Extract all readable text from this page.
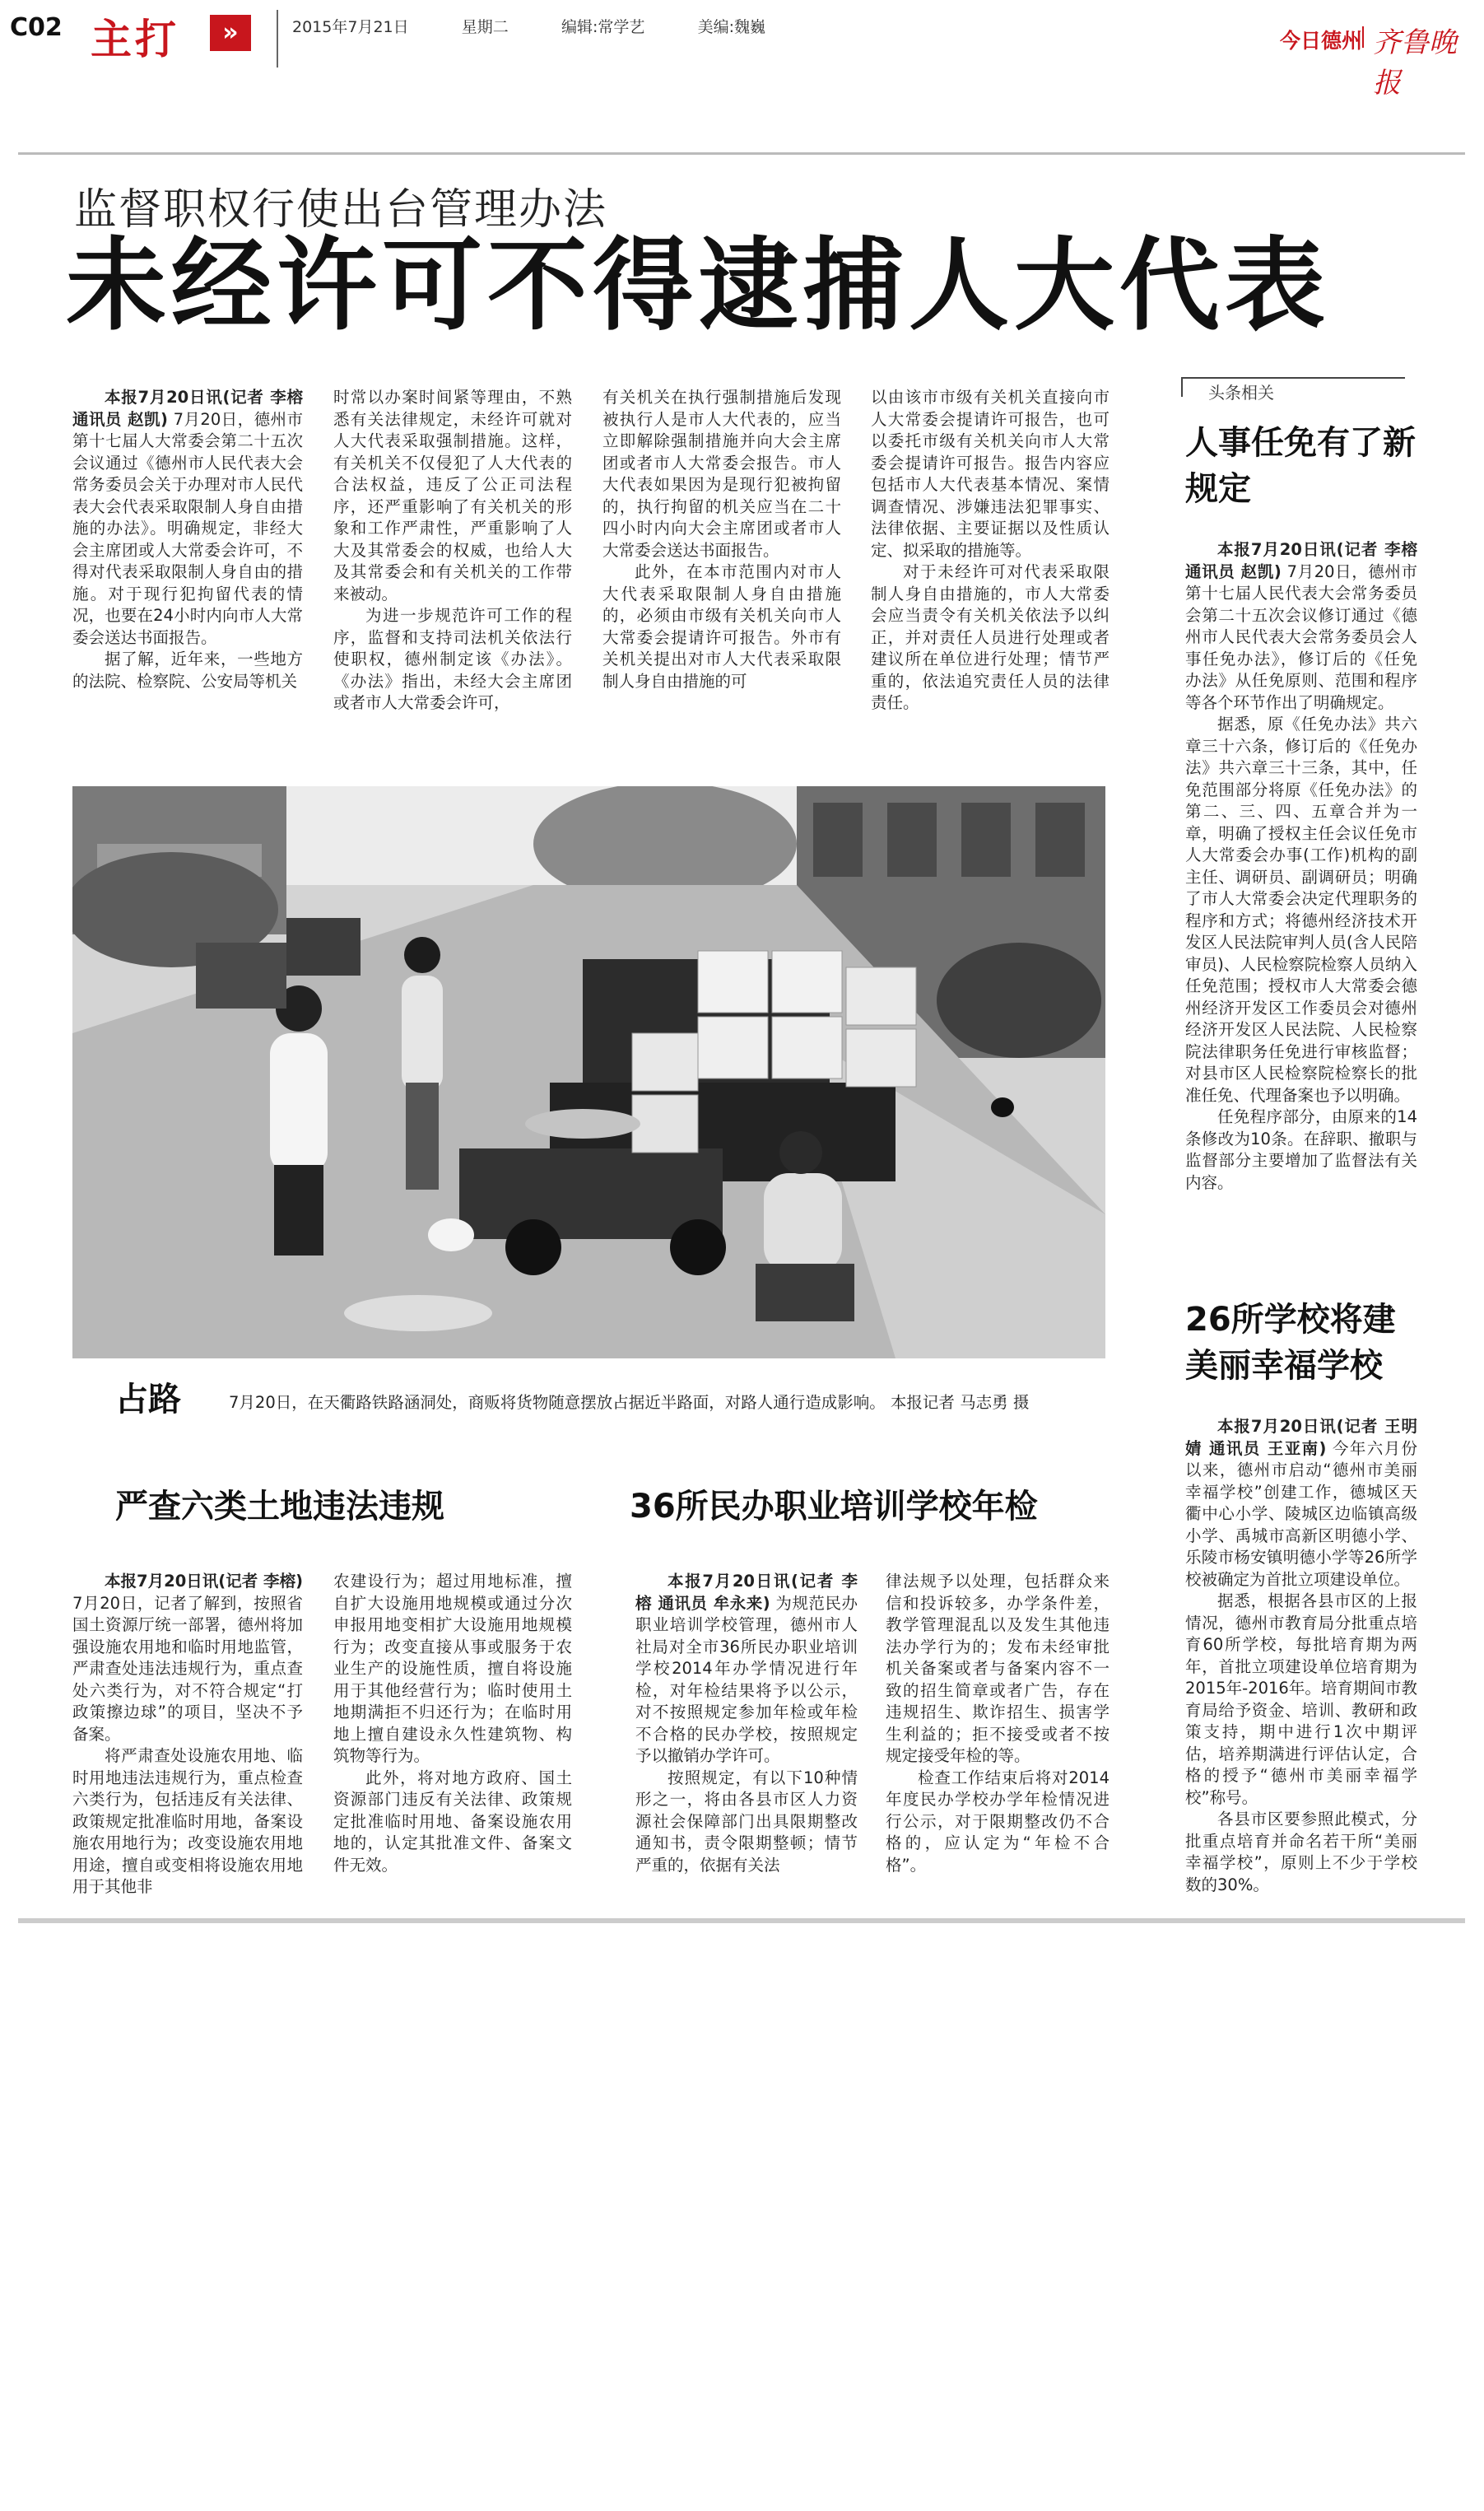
C02 主打	»	2015年7月21日	星期二	编辑:常学艺	美编:魏巍
今日德州 齐鲁晚报
监督职权行使出台管理办法
未经许可不得逮捕人大代表

本报7月20日讯(记者 李榕 通讯员 赵凯) 7月20日，德州市第十七届人大常委会第二十五次会议通过《德州市人民代表大会常务委员会关于办理对市人民代表大会代表采取限制人身自由措施的办法》。明确规定，非经大会主席团或人大常委会许可，不得对代表采取限制人身自由的措施。对于现行犯拘留代表的情况，也要在24小时内向市人大常委会送达书面报告。

据了解，近年来，一些地方的法院、检察院、公安局等机关

时常以办案时间紧等理由，不熟悉有关法律规定，未经许可就对人大代表采取强制措施。这样，有关机关不仅侵犯了人大代表的合法权益，违反了公正司法程序，还严重影响了有关机关的形象和工作严肃性，严重影响了人大及其常委会的权威，也给人大及其常委会和有关机关的工作带来被动。

为进一步规范许可工作的程序，监督和支持司法机关依法行使职权，德州制定该《办法》。《办法》指出，未经大会主席团或者市人大常委会许可，

有关机关在执行强制措施后发现被执行人是市人大代表的，应当立即解除强制措施并向大会主席团或者市人大常委会报告。市人大代表如果因为是现行犯被拘留的，执行拘留的机关应当在二十四小时内向大会主席团或者市人大常委会送达书面报告。

此外，在本市范围内对市人大代表采取限制人身自由措施的，必须由市级有关机关向市人大常委会提请许可报告。外市有关机关提出对市人大代表采取限制人身自由措施的可

以由该市市级有关机关直接向市人大常委会提请许可报告，也可以委托市级有关机关向市人大常委会提请许可报告。报告内容应包括市人大代表基本情况、案情调查情况、涉嫌违法犯罪事实、法律依据、主要证据以及性质认定、拟采取的措施等。

对于未经许可对代表采取限制人身自由措施的，市人大常委会应当责令有关机关依法予以纠正，并对责任人员进行处理或者建议所在单位进行处理；情节严重的，依法追究责任人员的法律责任。

头条相关
人事任免有了新规定

本报7月20日讯(记者 李榕 通讯员 赵凯) 7月20日，德州市第十七届人民代表大会常务委员会第二十五次会议修订通过《德州市人民代表大会常务委员会人事任免办法》，修订后的《任免办法》从任免原则、范围和程序等各个环节作出了明确规定。

据悉，原《任免办法》共六章三十六条，修订后的《任免办法》共六章三十三条，其中，任免范围部分将原《任免办法》的第二、三、四、五章合并为一章，明确了授权主任会议任免市人大常委会办事(工作)机构的副主任、调研员、副调研员；明确了市人大常委会决定代理职务的程序和方式；将德州经济技术开发区人民法院审判人员(含人民陪审员)、人民检察院检察人员纳入任免范围；授权市人大常委会德州经济开发区工作委员会对德州经济开发区人民法院、人民检察院法律职务任免进行审核监督；对县市区人民检察院检察长的批准任免、代理备案也予以明确。

任免程序部分，由原来的14条修改为10条。在辞职、撤职与监督部分主要增加了监督法有关内容。

26所学校将建美丽幸福学校

本报7月20日讯(记者 王明婧 通讯员 王亚南) 今年六月份以来，德州市启动“德州市美丽幸福学校”创建工作，德城区天衢中心小学、陵城区边临镇高级小学、禹城市高新区明德小学、乐陵市杨安镇明德小学等26所学校被确定为首批立项建设单位。

据悉，根据各县市区的上报情况，德州市教育局分批重点培育60所学校，每批培育期为两年，首批立项建设单位培育期为2015年-2016年。培育期间市教育局给予资金、培训、教研和政策支持，期中进行1次中期评估，培养期满进行评估认定，合格的授予“德州市美丽幸福学校”称号。

各县市区要参照此模式，分批重点培育并命名若干所“美丽幸福学校”，原则上不少于学校数的30%。

占路	7月20日，在天衢路铁路涵洞处，商贩将货物随意摆放占据近半路面，对路人通行造成影响。 本报记者 马志勇 摄
严查六类土地违法违规

本报7月20日讯(记者 李榕) 7月20日，记者了解到，按照省国土资源厅统一部署，德州将加强设施农用地和临时用地监管，严肃查处违法违规行为，重点查处六类行为，对不符合规定“打政策擦边球”的项目，坚决不予备案。

将严肃查处设施农用地、临时用地违法违规行为，重点检查六类行为，包括违反有关法律、政策规定批准临时用地，备案设施农用地行为；改变设施农用地用途，擅自或变相将设施农用地用于其他非

农建设行为；超过用地标准，擅自扩大设施用地规模或通过分次申报用地变相扩大设施用地规模行为；改变直接从事或服务于农业生产的设施性质，擅自将设施用于其他经营行为；临时使用土地期满拒不归还行为；在临时用地上擅自建设永久性建筑物、构筑物等行为。

此外，将对地方政府、国土资源部门违反有关法律、政策规定批准临时用地、备案设施农用地的，认定其批准文件、备案文件无效。

36所民办职业培训学校年检

本报7月20日讯(记者 李榕 通讯员 牟永来) 为规范民办职业培训学校管理，德州市人社局对全市36所民办职业培训学校2014年办学情况进行年检，对年检结果将予以公示，对不按照规定参加年检或年检不合格的民办学校，按照规定予以撤销办学许可。

按照规定，有以下10种情形之一，将由各县市区人力资源社会保障部门出具限期整改通知书，责令限期整顿；情节严重的，依据有关法

律法规予以处理，包括群众来信和投诉较多，办学条件差，教学管理混乱以及发生其他违法办学行为的；发布未经审批机关备案或者与备案内容不一致的招生简章或者广告，存在违规招生、欺诈招生、损害学生利益的；拒不接受或者不按规定接受年检的等。

检查工作结束后将对2014年度民办学校办学年检情况进行公示，对于限期整改仍不合格的，应认定为“年检不合格”。
